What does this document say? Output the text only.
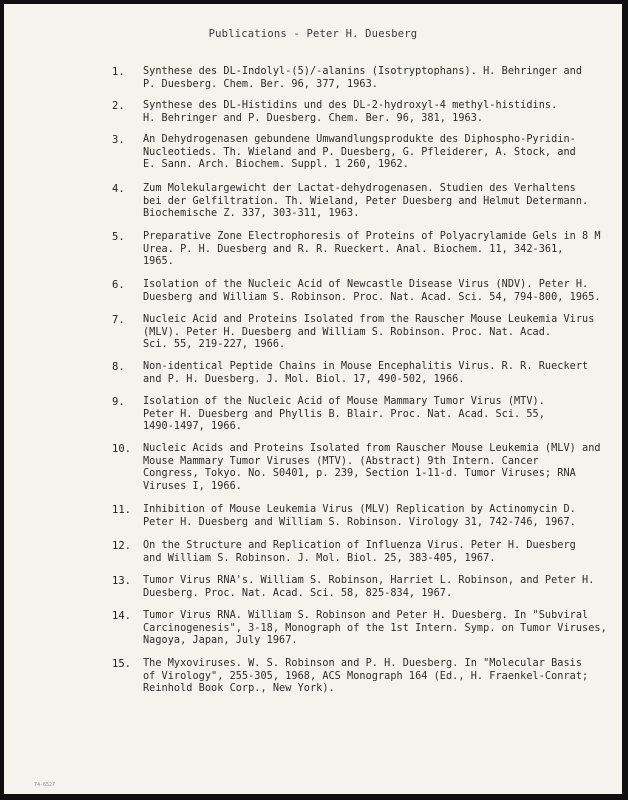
Publications - Peter H. Duesberg
1.	Synthese des DL-Indolyl-(5)/-alanins (Isotryptophans). H. Behringer and
P. Duesberg. Chem. Ber. 96, 377, 1963.
2.	Synthese des DL-Histidins und des DL-2-hydroxyl-4 methyl-histidins.
H. Behringer and P. Duesberg. Chem. Ber. 96, 381, 1963.
3.	An Dehydrogenasen gebundene Umwandlungsprodukte des Diphospho-Pyridin-
Nucleotieds. Th. Wieland and P. Duesberg, G. Pfleiderer, A. Stock, and
E. Sann. Arch. Biochem. Suppl. 1 260, 1962.
4.	Zum Molekulargewicht der Lactat-dehydrogenasen. Studien des Verhaltens
bei der Gelfiltration. Th. Wieland, Peter Duesberg and Helmut Determann.
Biochemische Z. 337, 303-311, 1963.
5.	Preparative Zone Electrophoresis of Proteins of Polyacrylamide Gels in 8 M
Urea. P. H. Duesberg and R. R. Rueckert. Anal. Biochem. 11, 342-361,
1965.
6.	Isolation of the Nucleic Acid of Newcastle Disease Virus (NDV). Peter H.
Duesberg and William S. Robinson. Proc. Nat. Acad. Sci. 54, 794-800, 1965.
7.	Nucleic Acid and Proteins Isolated from the Rauscher Mouse Leukemia Virus
(MLV). Peter H. Duesberg and William S. Robinson. Proc. Nat. Acad.
Sci. 55, 219-227, 1966.
8.	Non-identical Peptide Chains in Mouse Encephalitis Virus. R. R. Rueckert
and P. H. Duesberg. J. Mol. Biol. 17, 490-502, 1966.
9.	Isolation of the Nucleic Acid of Mouse Mammary Tumor Virus (MTV).
Peter H. Duesberg and Phyllis B. Blair. Proc. Nat. Acad. Sci. 55,
1490-1497, 1966.
10.	Nucleic Acids and Proteins Isolated from Rauscher Mouse Leukemia (MLV) and
Mouse Mammary Tumor Viruses (MTV). (Abstract) 9th Intern. Cancer
Congress, Tokyo. No. S0401, p. 239, Section 1-11-d. Tumor Viruses; RNA
Viruses I, 1966.
11.	Inhibition of Mouse Leukemia Virus (MLV) Replication by Actinomycin D.
Peter H. Duesberg and William S. Robinson. Virology 31, 742-746, 1967.
12.	On the Structure and Replication of Influenza Virus. Peter H. Duesberg
and William S. Robinson. J. Mol. Biol. 25, 383-405, 1967.
13.	Tumor Virus RNA's. William S. Robinson, Harriet L. Robinson, and Peter H.
Duesberg. Proc. Nat. Acad. Sci. 58, 825-834, 1967.
14.	Tumor Virus RNA. William S. Robinson and Peter H. Duesberg. In "Subviral
Carcinogenesis", 3-18, Monograph of the 1st Intern. Symp. on Tumor Viruses,
Nagoya, Japan, July 1967.
15.	The Myxoviruses. W. S. Robinson and P. H. Duesberg. In "Molecular Basis
of Virology", 255-305, 1968, ACS Monograph 164 (Ed., H. Fraenkel-Conrat;
Reinhold Book Corp., New York).
74-6527
